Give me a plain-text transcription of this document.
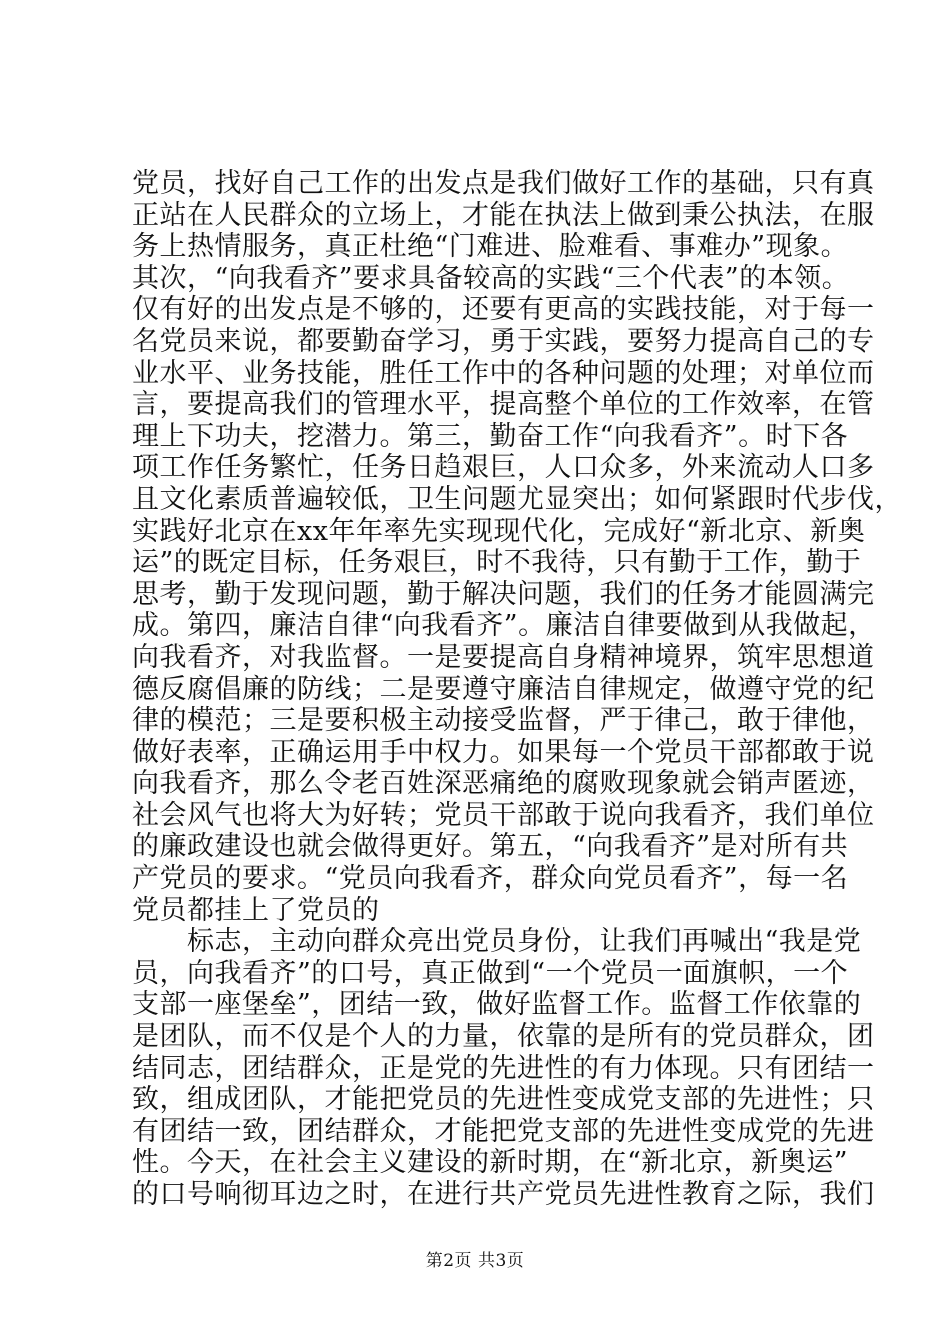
党员，找好自己工作的出发点是我们做好工作的基础，只有真
正站在人民群众的立场上，才能在执法上做到秉公执法，在服
务上热情服务，真正杜绝“门难进、脸难看、事难办”现象。
其次，“向我看齐”要求具备较高的实践“三个代表”的本领。
仅有好的出发点是不够的，还要有更高的实践技能，对于每一
名党员来说，都要勤奋学习，勇于实践，要努力提高自己的专
业水平、业务技能，胜任工作中的各种问题的处理；对单位而
言，要提高我们的管理水平，提高整个单位的工作效率，在管
理上下功夫，挖潜力。第三，勤奋工作“向我看齐”。时下各
项工作任务繁忙，任务日趋艰巨，人口众多，外来流动人口多
且文化素质普遍较低，卫生问题尤显突出；如何紧跟时代步伐，
实践好北京在xx年年率先实现现代化，完成好“新北京、新奥
运”的既定目标，任务艰巨，时不我待，只有勤于工作，勤于
思考，勤于发现问题，勤于解决问题，我们的任务才能圆满完
成。第四，廉洁自律“向我看齐”。廉洁自律要做到从我做起，
向我看齐，对我监督。一是要提高自身精神境界，筑牢思想道
德反腐倡廉的防线；二是要遵守廉洁自律规定，做遵守党的纪
律的模范；三是要积极主动接受监督，严于律己，敢于律他，
做好表率，正确运用手中权力。如果每一个党员干部都敢于说
向我看齐，那么令老百姓深恶痛绝的腐败现象就会销声匿迹，
社会风气也将大为好转；党员干部敢于说向我看齐，我们单位
的廉政建设也就会做得更好。第五，“向我看齐”是对所有共
产党员的要求。“党员向我看齐，群众向党员看齐”，每一名
党员都挂上了党员的
标志，主动向群众亮出党员身份，让我们再喊出“我是党
员，向我看齐”的口号，真正做到“一个党员一面旗帜，一个
支部一座堡垒”，团结一致，做好监督工作。监督工作依靠的
是团队，而不仅是个人的力量，依靠的是所有的党员群众，团
结同志，团结群众，正是党的先进性的有力体现。只有团结一
致，组成团队，才能把党员的先进性变成党支部的先进性；只
有团结一致，团结群众，才能把党支部的先进性变成党的先进
性。今天，在社会主义建设的新时期，在“新北京，新奥运”
的口号响彻耳边之时，在进行共产党员先进性教育之际，我们
第2页 共3页
